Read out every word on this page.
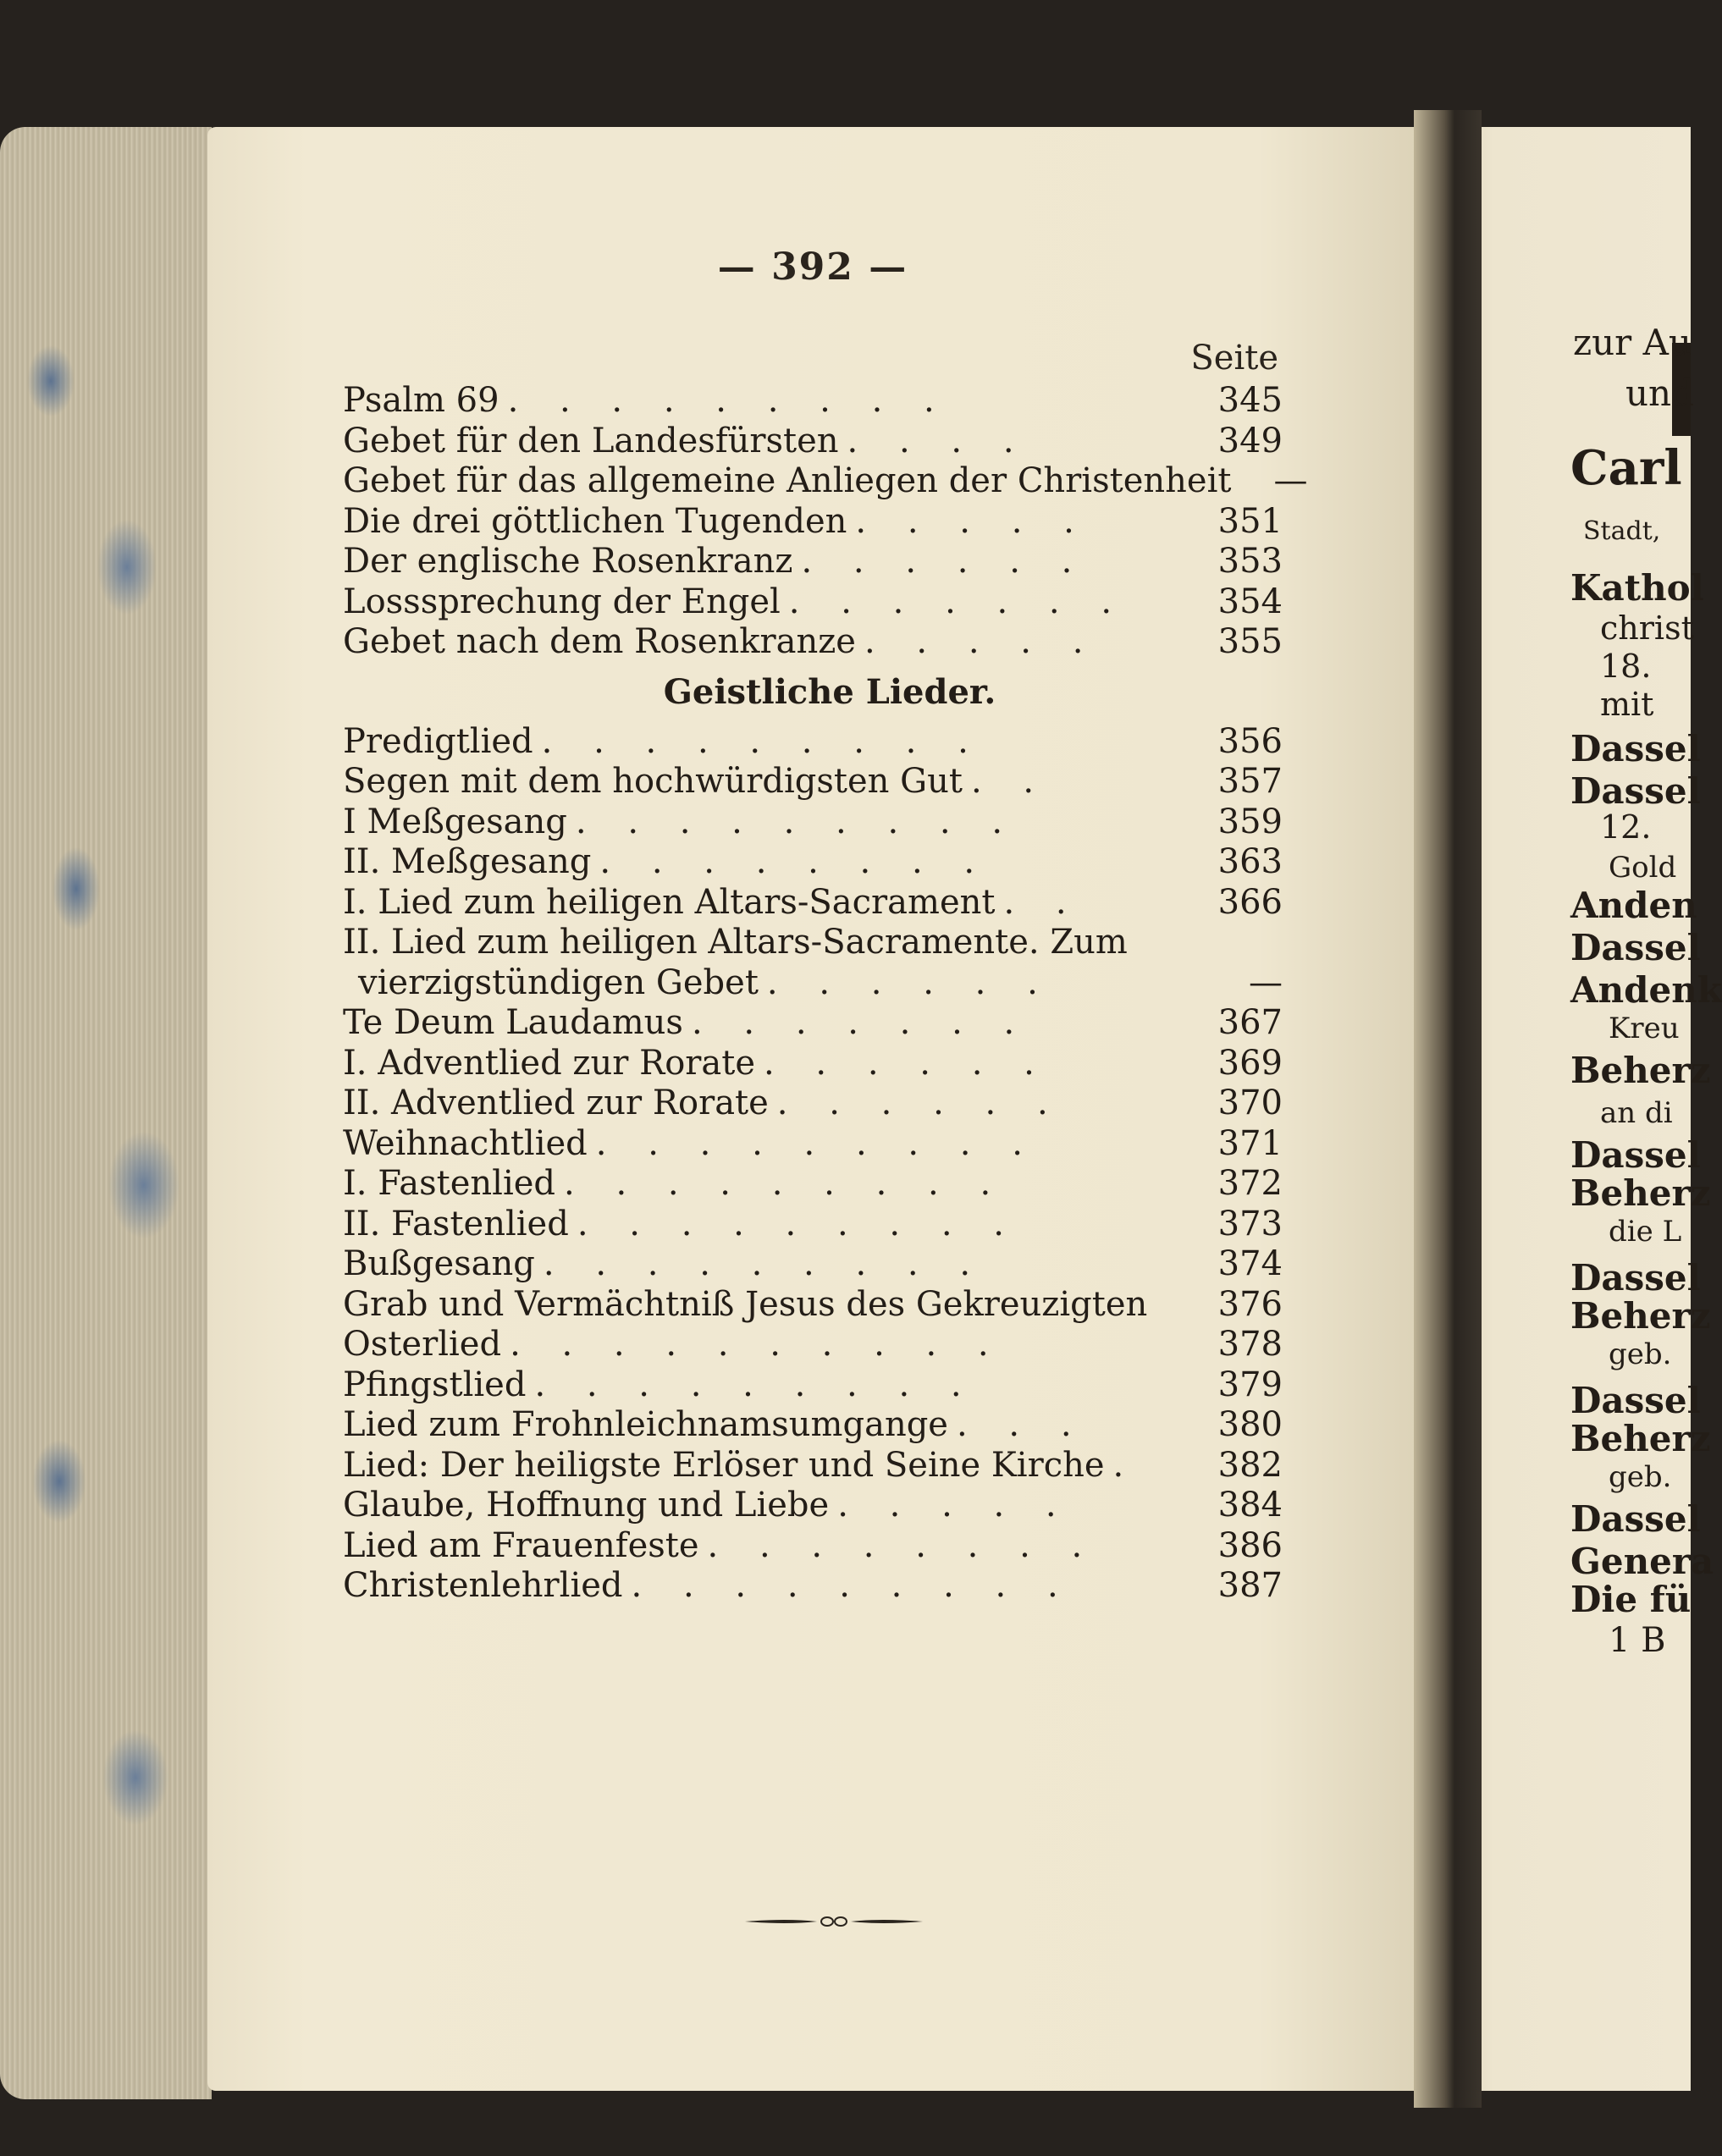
— 392 —
Seite
Psalm 69 . . . . . . . . .	345
Gebet für den Landesfürsten . . . .	349
Gebet für das allgemeine Anliegen der Christenheit	—
Die drei göttlichen Tugenden . . . . .	351
Der englische Rosenkranz . . . . . .	353
Losssprechung der Engel . . . . . . .	354
Gebet nach dem Rosenkranze . . . . .	355
Geistliche Lieder.
Predigtlied . . . . . . . . .	356
Segen mit dem hochwürdigsten Gut . .	357
I Meßgesang . . . . . . . . .	359
II. Meßgesang . . . . . . . .	363
I. Lied zum heiligen Altars-Sacrament . .	366
II. Lied zum heiligen Altars-Sacramente. Zum
vierzigstündigen Gebet . . . . . .	—
Te Deum Laudamus . . . . . . .	367
I. Adventlied zur Rorate . . . . . .	369
II. Adventlied zur Rorate . . . . . .	370
Weihnachtlied . . . . . . . . .	371
I. Fastenlied . . . . . . . . .	372
II. Fastenlied . . . . . . . . .	373
Bußgesang . . . . . . . . .	374
Grab und Vermächtniß Jesus des Gekreuzigten 376
Osterlied . . . . . . . . . .	378
Pfingstlied . . . . . . . . .	379
Lied zum Frohnleichnamsumgange . . .	380
Lied: Der heiligste Erlöser und Seine Kirche .	382
Glaube, Hoffnung und Liebe . . . . .	384
Lied am Frauenfeste . . . . . . . .	386
Christenlehrlied . . . . . . . . .	387
zur Au
und
Carl
Stadt,
Kathol
christ
18.
mit
Dassel
Dassel
12.
Gold
Anden
Dassel
Andenk
Kreu
Beherz
an di
Dassel
Beherz
die L
Dassel
Beherz
geb.
Dassel
Beherz
geb.
Dassel
Genera
Die fü
1 B
